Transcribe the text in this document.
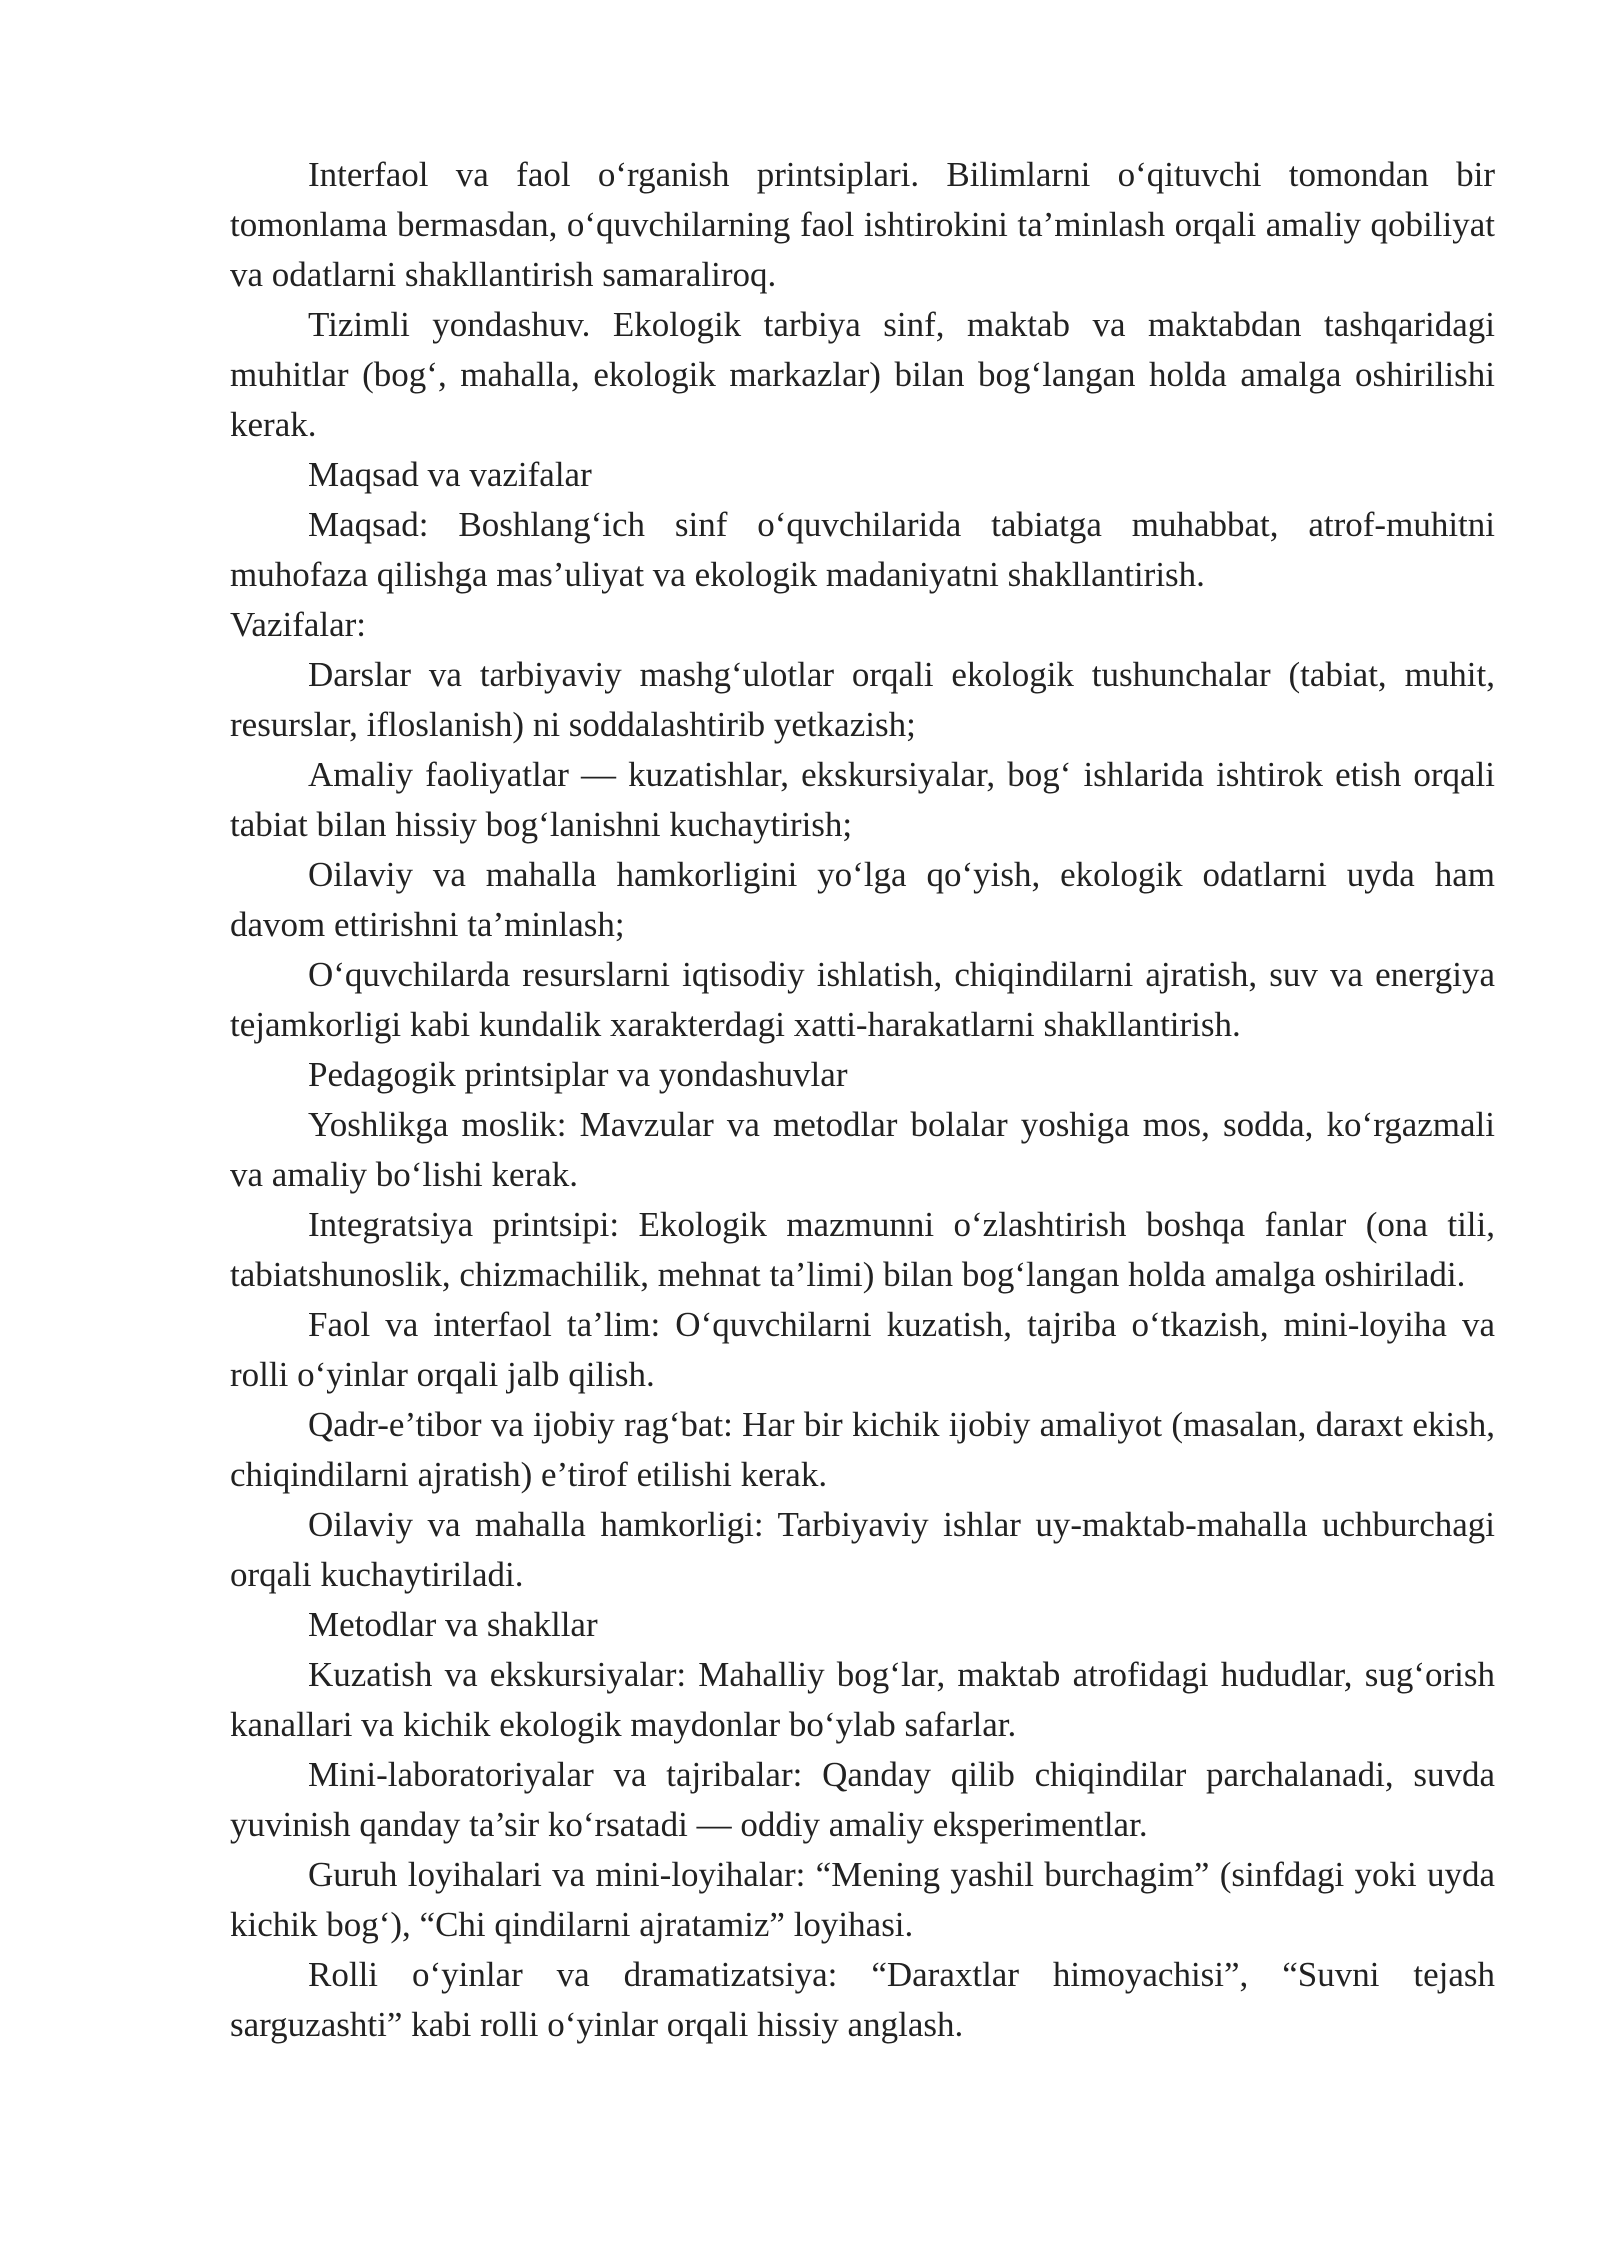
Interfaol va faol o‘rganish printsiplari. Bilimlarni o‘qituvchi tomondan bir tomonlama bermasdan, o‘quvchilarning faol ishtirokini ta’minlash orqali amaliy qobiliyat va odatlarni shakllantirish samaraliroq.

Tizimli yondashuv. Ekologik tarbiya sinf, maktab va maktabdan tashqaridagi muhitlar (bog‘, mahalla, ekologik markazlar) bilan bog‘langan holda amalga oshirilishi kerak.

Maqsad va vazifalar

Maqsad: Boshlang‘ich sinf o‘quvchilarida tabiatga muhabbat, atrof-muhitni muhofaza qilishga mas’uliyat va ekologik madaniyatni shakllantirish.

Vazifalar:

Darslar va tarbiyaviy mashg‘ulotlar orqali ekologik tushunchalar (tabiat, muhit, resurslar, ifloslanish) ni soddalashtirib yetkazish;

Amaliy faoliyatlar — kuzatishlar, ekskursiyalar, bog‘ ishlarida ishtirok etish orqali tabiat bilan hissiy bog‘lanishni kuchaytirish;

Oilaviy va mahalla hamkorligini yo‘lga qo‘yish, ekologik odatlarni uyda ham davom ettirishni ta’minlash;

O‘quvchilarda resurslarni iqtisodiy ishlatish, chiqindilarni ajratish, suv va energiya tejamkorligi kabi kundalik xarakterdagi xatti-harakatlarni shakllantirish.

Pedagogik printsiplar va yondashuvlar

Yoshlikga moslik: Mavzular va metodlar bolalar yoshiga mos, sodda, ko‘rgazmali va amaliy bo‘lishi kerak.

Integratsiya printsipi: Ekologik mazmunni o‘zlashtirish boshqa fanlar (ona tili, tabiatshunoslik, chizmachilik, mehnat ta’limi) bilan bog‘langan holda amalga oshiriladi.

Faol va interfaol ta’lim: O‘quvchilarni kuzatish, tajriba o‘tkazish, mini-loyiha va rolli o‘yinlar orqali jalb qilish.

Qadr-e’tibor va ijobiy rag‘bat: Har bir kichik ijobiy amaliyot (masalan, daraxt ekish, chiqindilarni ajratish) e’tirof etilishi kerak.

Oilaviy va mahalla hamkorligi: Tarbiyaviy ishlar uy-maktab-mahalla uchburchagi orqali kuchaytiriladi.

Metodlar va shakllar

Kuzatish va ekskursiyalar: Mahalliy bog‘lar, maktab atrofidagi hududlar, sug‘orish kanallari va kichik ekologik maydonlar bo‘ylab safarlar.

Mini-laboratoriyalar va tajribalar: Qanday qilib chiqindilar parchalanadi, suvda yuvinish qanday ta’sir ko‘rsatadi — oddiy amaliy eksperimentlar.

Guruh loyihalari va mini-loyihalar: “Mening yashil burchagim” (sinfdagi yoki uyda kichik bog‘), “Chi qindilarni ajratamiz” loyihasi.

Rolli o‘yinlar va dramatizatsiya: “Daraxtlar himoyachisi”, “Suvni tejash sarguzashti” kabi rolli o‘yinlar orqali hissiy anglash.
